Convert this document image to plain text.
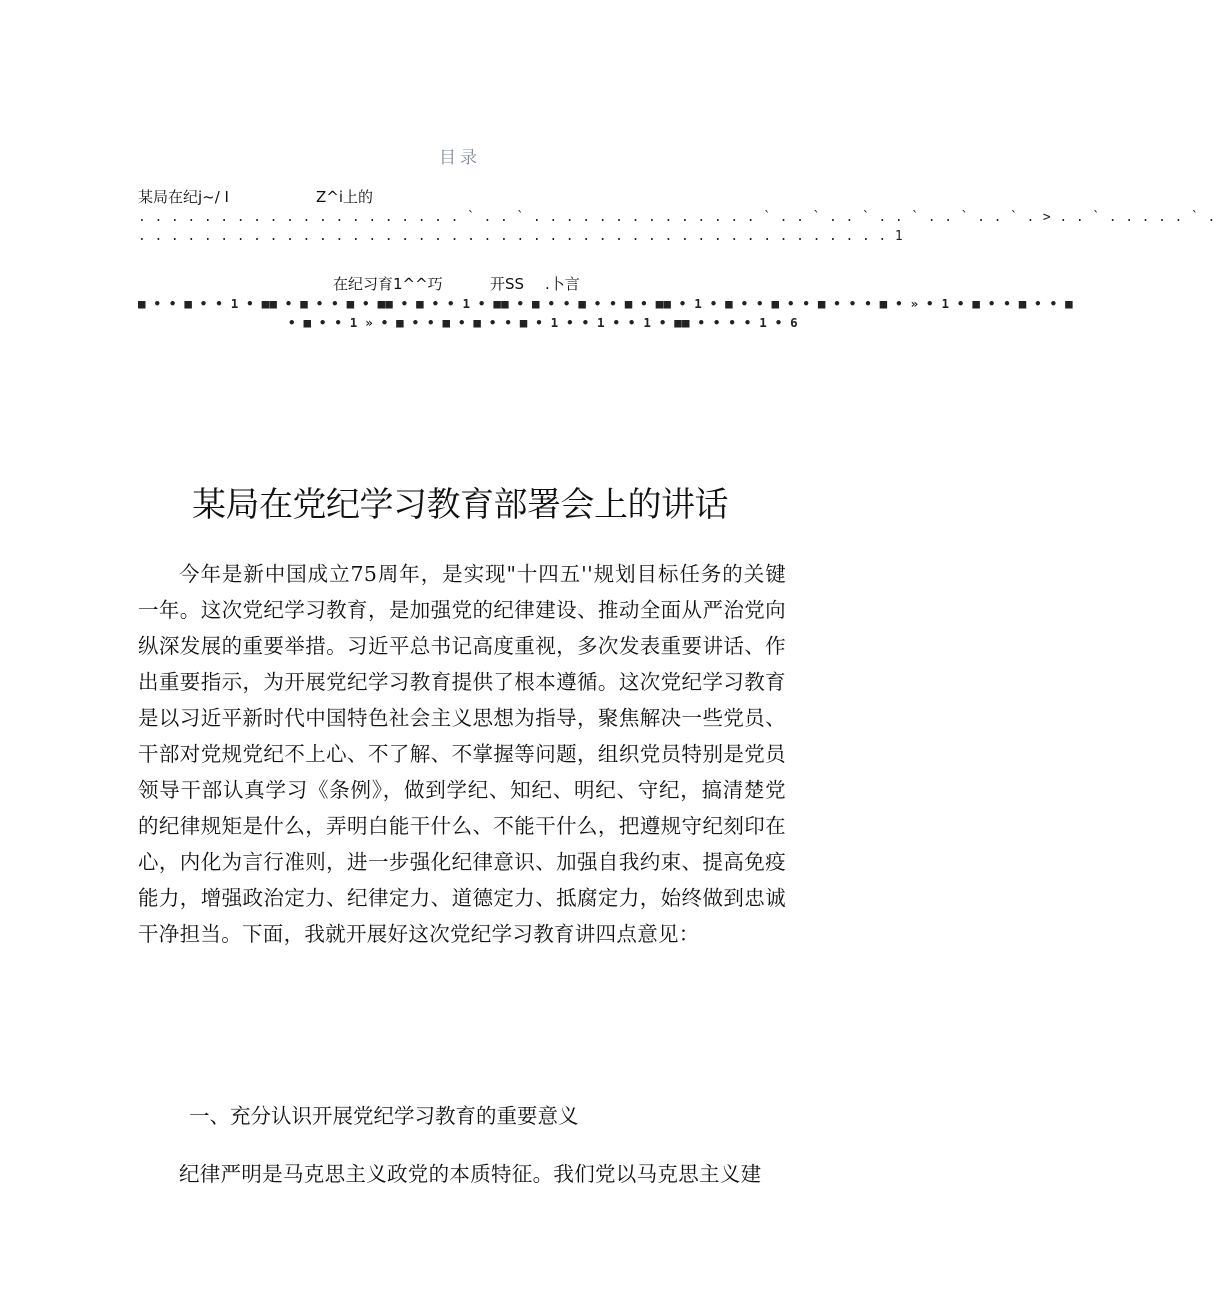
目录
某局在纪j~/ I	Z^i上的
. . . . . . . . . . . . . . . . . . . . ` . . ` . . . . . . . . . . . . . . ` . . ` . . ` . . ` . . ` . . ` . > . . ` . . . . . ` .
. . . . . . . . . . . . . . . . . . . . . . . . . . . . . . . . . . . . . . . . . . . . . . 1
在纪习育1^^巧	开SS .卜言
■ • • ■ • • 1 • ■■ • ■ • • ■ • ■■ • ■ • • 1 • ■■ • ■ • • ■ • • ■ • ■■ • 1 • ■ • • ■ • • ■ • • • ■ • » • 1 • ■ • • ■ • • ■
• ■ • • 1 » • ■ • • ■ • ■ • • ■ • 1 • • 1 • • 1 • ■■ • • • • 1 • 6
某局在党纪学习教育部署会上的讲话

今年是新中国成立75周年，是实现"十四五''规划目标任务的关键一年。这次党纪学习教育，是加强党的纪律建设、推动全面从严治党向纵深发展的重要举措。习近平总书记高度重视，多次发表重要讲话、作出重要指示，为开展党纪学习教育提供了根本遵循。这次党纪学习教育是以习近平新时代中国特色社会主义思想为指导，聚焦解决一些党员、干部对党规党纪不上心、不了解、不掌握等问题，组织党员特别是党员领导干部认真学习《条例》，做到学纪、知纪、明纪、守纪，搞清楚党的纪律规矩是什么，弄明白能干什么、不能干什么，把遵规守纪刻印在心，内化为言行准则，进一步强化纪律意识、加强自我约束、提高免疫能力，增强政治定力、纪律定力、道德定力、抵腐定力，始终做到忠诚干净担当。下面，我就开展好这次党纪学习教育讲四点意见：

一、充分认识开展党纪学习教育的重要意义

纪律严明是马克思主义政党的本质特征。我们党以马克思主义建
